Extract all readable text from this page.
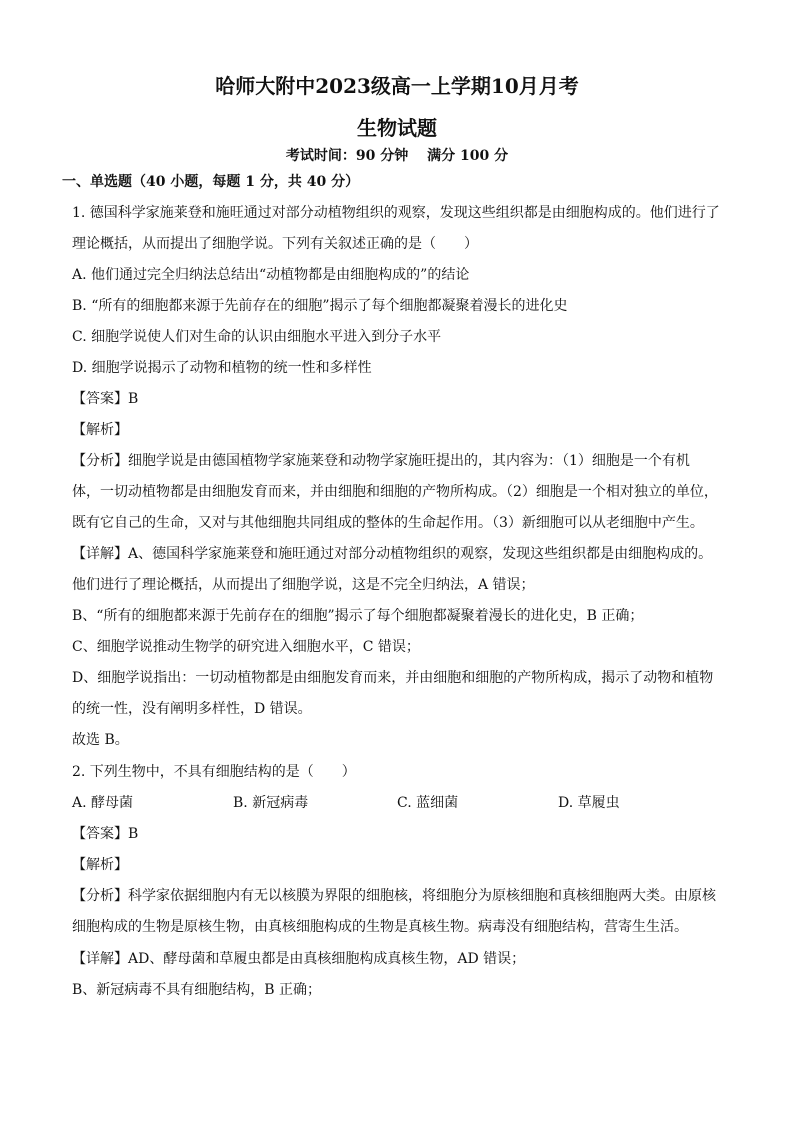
哈师大附中2023级高一上学期10月月考
生物试题
考试时间：90 分钟　 满分 100 分
一、单选题（40 小题，每题 1 分，共 40 分）
1. 德国科学家施莱登和施旺通过对部分动植物组织的观察，发现这些组织都是由细胞构成的。他们进行了
理论概括，从而提出了细胞学说。下列有关叙述正确的是（　　）
A. 他们通过完全归纳法总结出“动植物都是由细胞构成的”的结论
B. “所有的细胞都来源于先前存在的细胞”揭示了每个细胞都凝聚着漫长的进化史
C. 细胞学说使人们对生命的认识由细胞水平进入到分子水平
D. 细胞学说揭示了动物和植物的统一性和多样性
【答案】B
【解析】
【分析】细胞学说是由德国植物学家施莱登和动物学家施旺提出的，其内容为：（1）细胞是一个有机
体，一切动植物都是由细胞发育而来，并由细胞和细胞的产物所构成。（2）细胞是一个相对独立的单位，
既有它自己的生命，又对与其他细胞共同组成的整体的生命起作用。（3）新细胞可以从老细胞中产生。
【详解】A、德国科学家施莱登和施旺通过对部分动植物组织的观察，发现这些组织都是由细胞构成的。
他们进行了理论概括，从而提出了细胞学说，这是不完全归纳法，A 错误；
B、“所有的细胞都来源于先前存在的细胞”揭示了每个细胞都凝聚着漫长的进化史，B 正确；
C、细胞学说推动生物学的研究进入细胞水平，C 错误；
D、细胞学说指出：一切动植物都是由细胞发育而来，并由细胞和细胞的产物所构成，揭示了动物和植物
的统一性，没有阐明多样性，D 错误。
故选 B。
2. 下列生物中，不具有细胞结构的是（　　）
A. 酵母菌	B. 新冠病毒	C. 蓝细菌	D. 草履虫
【答案】B
【解析】
【分析】科学家依据细胞内有无以核膜为界限的细胞核，将细胞分为原核细胞和真核细胞两大类。由原核
细胞构成的生物是原核生物，由真核细胞构成的生物是真核生物。病毒没有细胞结构，营寄生生活。
【详解】AD、酵母菌和草履虫都是由真核细胞构成真核生物，AD 错误；
B、新冠病毒不具有细胞结构，B 正确；
